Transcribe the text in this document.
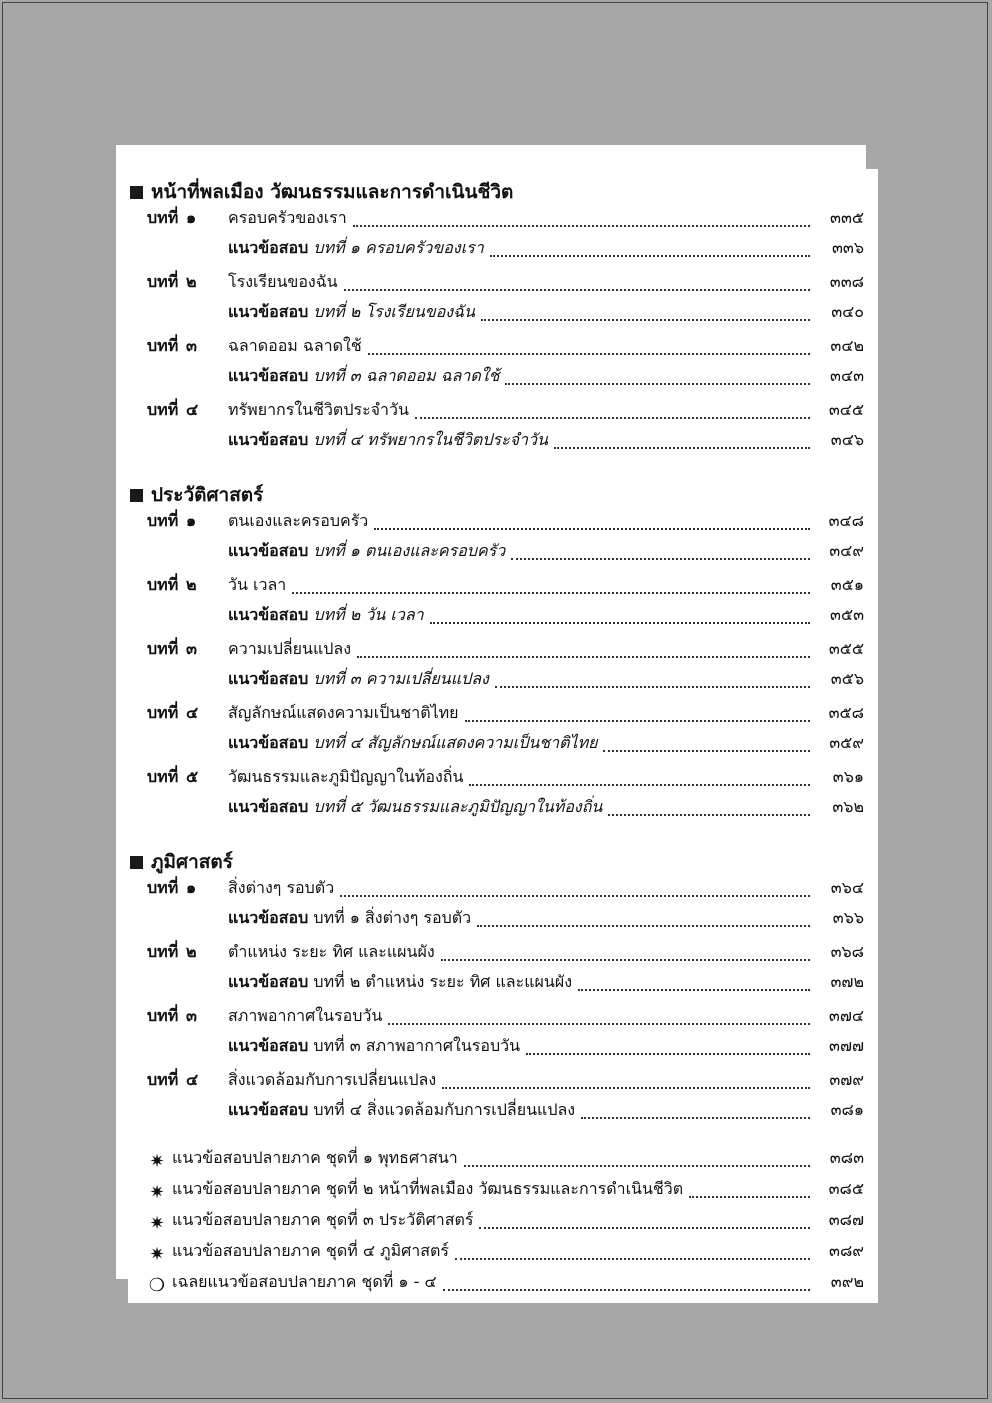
หน้าที่พลเมือง วัฒนธรรมและการดำเนินชีวิต
บทที่ ๑ ครอบครัวของเรา	๓๓๕
แนวข้อสอบ บทที่ ๑ ครอบครัวของเรา	๓๓๖
บทที่ ๒ โรงเรียนของฉัน	๓๓๘
แนวข้อสอบ บทที่ ๒ โรงเรียนของฉัน	๓๔๐
บทที่ ๓ ฉลาดออม ฉลาดใช้	๓๔๒
แนวข้อสอบ บทที่ ๓ ฉลาดออม ฉลาดใช้	๓๔๓
บทที่ ๔ ทรัพยากรในชีวิตประจำวัน	๓๔๕
แนวข้อสอบ บทที่ ๔ ทรัพยากรในชีวิตประจำวัน	๓๔๖
ประวัติศาสตร์
บทที่ ๑ ตนเองและครอบครัว	๓๔๘
แนวข้อสอบ บทที่ ๑ ตนเองและครอบครัว	๓๔๙
บทที่ ๒ วัน เวลา	๓๕๑
แนวข้อสอบ บทที่ ๒ วัน เวลา	๓๕๓
บทที่ ๓ ความเปลี่ยนแปลง	๓๕๕
แนวข้อสอบ บทที่ ๓ ความเปลี่ยนแปลง	๓๕๖
บทที่ ๔ สัญลักษณ์แสดงความเป็นชาติไทย	๓๕๘
แนวข้อสอบ บทที่ ๔ สัญลักษณ์แสดงความเป็นชาติไทย	๓๕๙
บทที่ ๕ วัฒนธรรมและภูมิปัญญาในท้องถิ่น	๓๖๑
แนวข้อสอบ บทที่ ๕ วัฒนธรรมและภูมิปัญญาในท้องถิ่น	๓๖๒
ภูมิศาสตร์
บทที่ ๑ สิ่งต่างๆ รอบตัว	๓๖๔
แนวข้อสอบ บทที่ ๑ สิ่งต่างๆ รอบตัว	๓๖๖
บทที่ ๒ ตำแหน่ง ระยะ ทิศ และแผนผัง	๓๖๘
แนวข้อสอบ บทที่ ๒ ตำแหน่ง ระยะ ทิศ และแผนผัง	๓๗๒
บทที่ ๓ สภาพอากาศในรอบวัน	๓๗๔
แนวข้อสอบ บทที่ ๓ สภาพอากาศในรอบวัน	๓๗๗
บทที่ ๔ สิ่งแวดล้อมกับการเปลี่ยนแปลง	๓๗๙
แนวข้อสอบ บทที่ ๔ สิ่งแวดล้อมกับการเปลี่ยนแปลง	๓๘๑
✷ แนวข้อสอบปลายภาค ชุดที่ ๑ พุทธศาสนา	๓๘๓
✷ แนวข้อสอบปลายภาค ชุดที่ ๒ หน้าที่พลเมือง วัฒนธรรมและการดำเนินชีวิต	๓๘๕
✷ แนวข้อสอบปลายภาค ชุดที่ ๓ ประวัติศาสตร์	๓๘๗
✷ แนวข้อสอบปลายภาค ชุดที่ ๔ ภูมิศาสตร์	๓๘๙
❍ เฉลยแนวข้อสอบปลายภาค ชุดที่ ๑ - ๔	๓๙๒
